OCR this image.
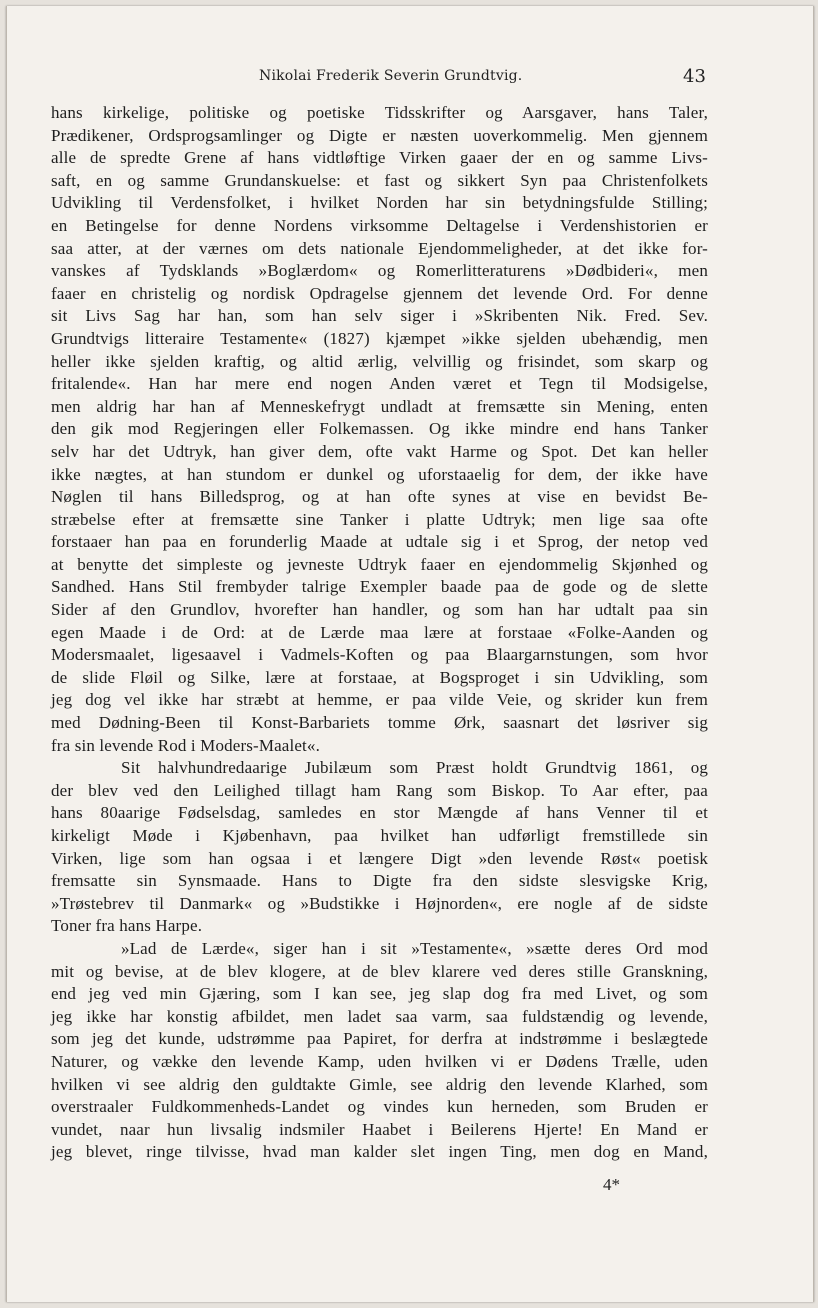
Nikolai Frederik Severin Grundtvig.	43
hans kirkelige, politiske og poetiske Tidsskrifter og Aarsgaver, hans Taler,
Prædikener, Ordsprogsamlinger og Digte er næsten uoverkommelig. Men gjennem
alle de spredte Grene af hans vidtløftige Virken gaaer der en og samme Livs-
saft, en og samme Grundanskuelse: et fast og sikkert Syn paa Christenfolkets
Udvikling til Verdensfolket, i hvilket Norden har sin betydningsfulde Stilling;
en Betingelse for denne Nordens virksomme Deltagelse i Verdenshistorien er
saa atter, at der værnes om dets nationale Ejendommeligheder, at det ikke for-
vanskes af Tydsklands »Boglærdom« og Romerlitteraturens »Dødbideri«, men
faaer en christelig og nordisk Opdragelse gjennem det levende Ord. For denne
sit Livs Sag har han, som han selv siger i »Skribenten Nik. Fred. Sev.
Grundtvigs litteraire Testamente« (1827) kjæmpet »ikke sjelden ubehændig, men
heller ikke sjelden kraftig, og altid ærlig, velvillig og frisindet, som skarp og
fritalende«. Han har mere end nogen Anden været et Tegn til Modsigelse,
men aldrig har han af Menneskefrygt undladt at fremsætte sin Mening, enten
den gik mod Regjeringen eller Folkemassen. Og ikke mindre end hans Tanker
selv har det Udtryk, han giver dem, ofte vakt Harme og Spot. Det kan heller
ikke nægtes, at han stundom er dunkel og uforstaaelig for dem, der ikke have
Nøglen til hans Billedsprog, og at han ofte synes at vise en bevidst Be-
stræbelse efter at fremsætte sine Tanker i platte Udtryk; men lige saa ofte
forstaaer han paa en forunderlig Maade at udtale sig i et Sprog, der netop ved
at benytte det simpleste og jevneste Udtryk faaer en ejendommelig Skjønhed og
Sandhed. Hans Stil frembyder talrige Exempler baade paa de gode og de slette
Sider af den Grundlov, hvorefter han handler, og som han har udtalt paa sin
egen Maade i de Ord: at de Lærde maa lære at forstaae «Folke-Aanden og
Modersmaalet, ligesaavel i Vadmels-Koften og paa Blaargarnstungen, som hvor
de slide Fløil og Silke, lære at forstaae, at Bogsproget i sin Udvikling, som
jeg dog vel ikke har stræbt at hemme, er paa vilde Veie, og skrider kun frem
med Dødning-Been til Konst-Barbariets tomme Ørk, saasnart det løsriver sig
fra sin levende Rod i Moders-Maalet«.
Sit halvhundredaarige Jubilæum som Præst holdt Grundtvig 1861, og
der blev ved den Leilighed tillagt ham Rang som Biskop. To Aar efter, paa
hans 80aarige Fødselsdag, samledes en stor Mængde af hans Venner til et
kirkeligt Møde i Kjøbenhavn, paa hvilket han udførligt fremstillede sin
Virken, lige som han ogsaa i et længere Digt »den levende Røst« poetisk
fremsatte sin Synsmaade. Hans to Digte fra den sidste slesvigske Krig,
»Trøstebrev til Danmark« og »Budstikke i Højnorden«, ere nogle af de sidste
Toner fra hans Harpe.
»Lad de Lærde«, siger han i sit »Testamente«, »sætte deres Ord mod
mit og bevise, at de blev klogere, at de blev klarere ved deres stille Granskning,
end jeg ved min Gjæring, som I kan see, jeg slap dog fra med Livet, og som
jeg ikke har konstig afbildet, men ladet saa varm, saa fuldstændig og levende,
som jeg det kunde, udstrømme paa Papiret, for derfra at indstrømme i beslægtede
Naturer, og vække den levende Kamp, uden hvilken vi er Dødens Trælle, uden
hvilken vi see aldrig den guldtakte Gimle, see aldrig den levende Klarhed, som
overstraaler Fuldkommenheds-Landet og vindes kun herneden, som Bruden er
vundet, naar hun livsalig indsmiler Haabet i Beilerens Hjerte! En Mand er
jeg blevet, ringe tilvisse, hvad man kalder slet ingen Ting, men dog en Mand,
4*
